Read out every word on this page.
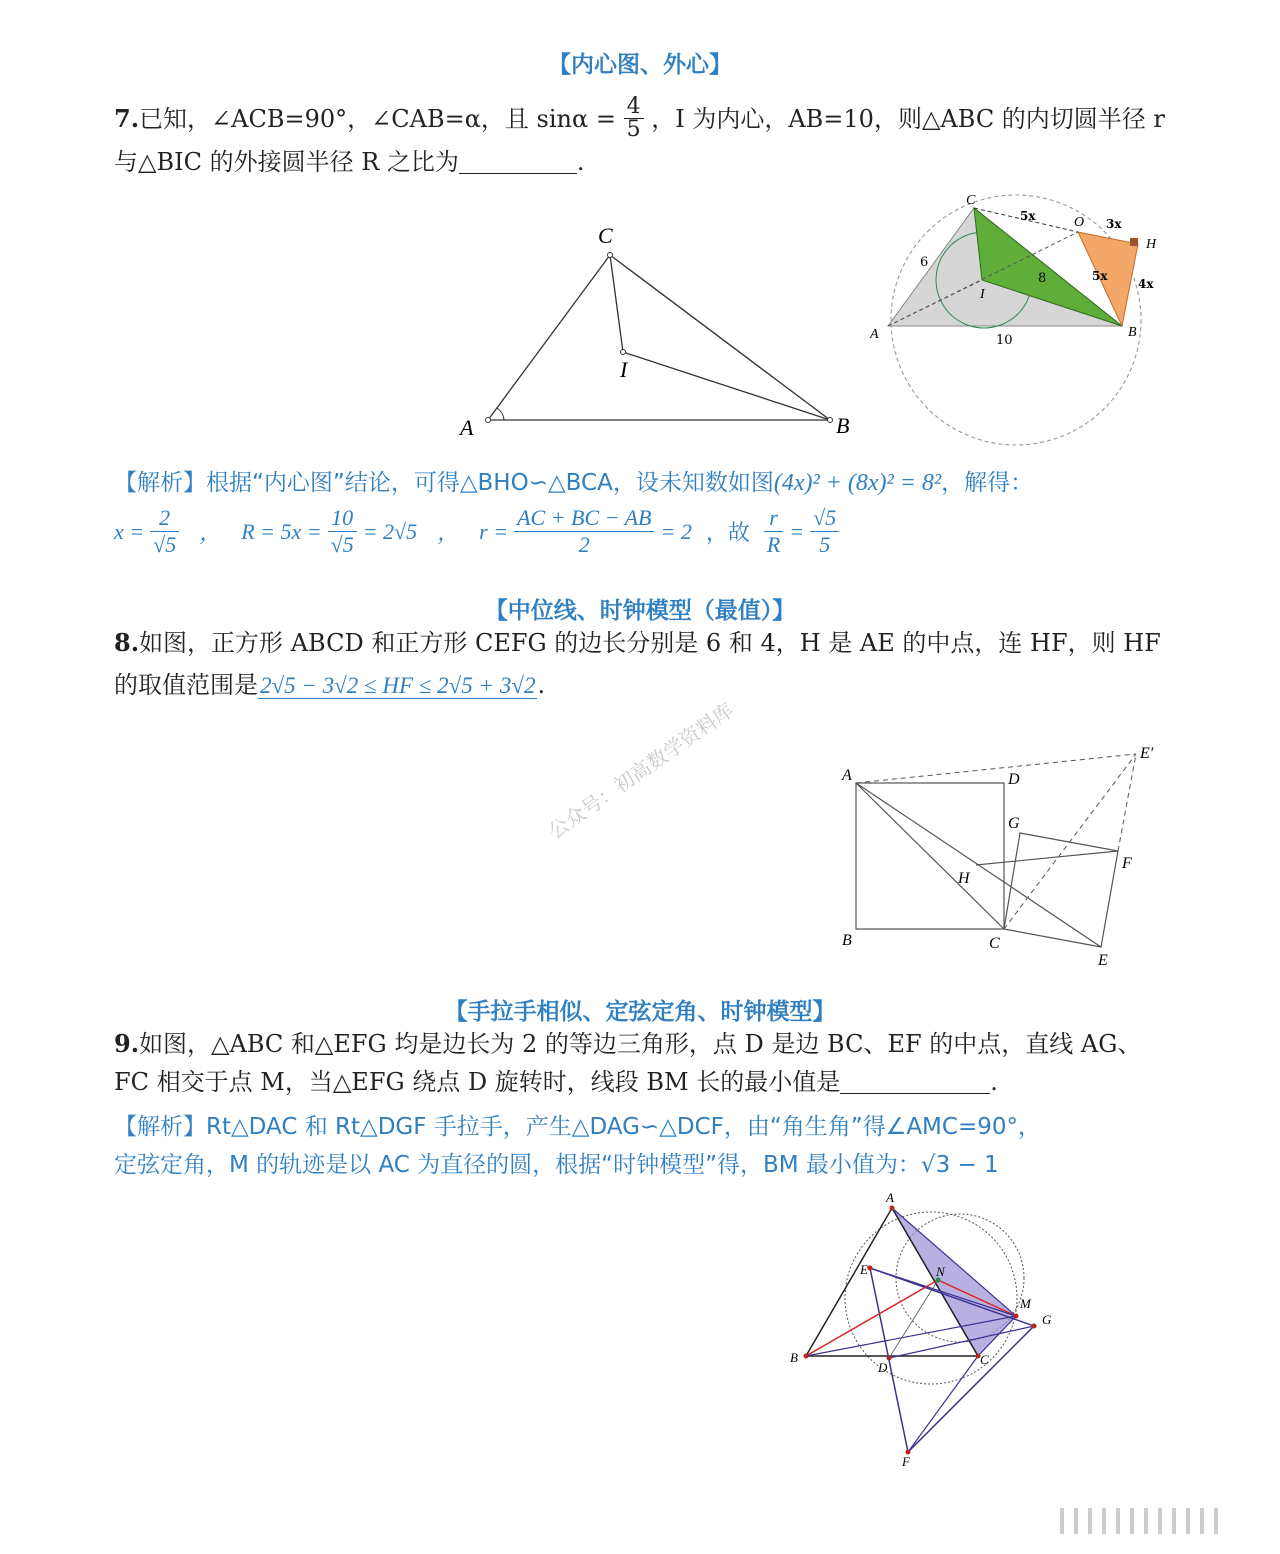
【内心图、外心】
7.已知，∠ACB=90°，∠CAB=α，且 $\sin\alpha = \frac{4}{5}$ ，I 为内心，AB=10，则△ABC 的内切圆半径 r
与△BIC 的外接圆半径 R 之比为	.
C
I
A	B
C
O
H
I
A	B
5x
3x
6
8	5x
4x
10
【解析】根据“内心图”结论，可得△BHO∽△BCA，设未知数如图(4x)² + (8x)² = 8²，解得：
$x = \frac{2}{√5}$ ， $R = 5x = \frac{10}{√5} = 2√5$ ， $r = \frac{AC + BC - AB}{2} = 2$ ，故 $\frac{r}{R} = \frac{√5}{5}$
【中位线、时钟模型（最值）】
8.如图，正方形 ABCD 和正方形 CEFG 的边长分别是 6 和 4，H 是 AE 的中点，连 HF，则 HF
的取值范围是2√5 − 3√2 ≤ HF ≤ 2√5 + 3√2.
公众号：初高数学资料库	A	D
E′
G
F
H
B	C
E
【手拉手相似、定弦定角、时钟模型】
9.如图，△ABC 和△EFG 均是边长为 2 的等边三角形，点 D 是边 BC、EF 的中点，直线 AG、
FC 相交于点 M，当△EFG 绕点 D 旋转时，线段 BM 长的最小值是	.
【解析】Rt△DAC 和 Rt△DGF 手拉手，产生△DAG∽△DCF，由“角生角”得∠AMC=90°，
定弦定角，M 的轨迹是以 AC 为直径的圆，根据“时钟模型”得，BM 最小值为：√3 − 1
A
E	N
M
G
B
D
C
F
